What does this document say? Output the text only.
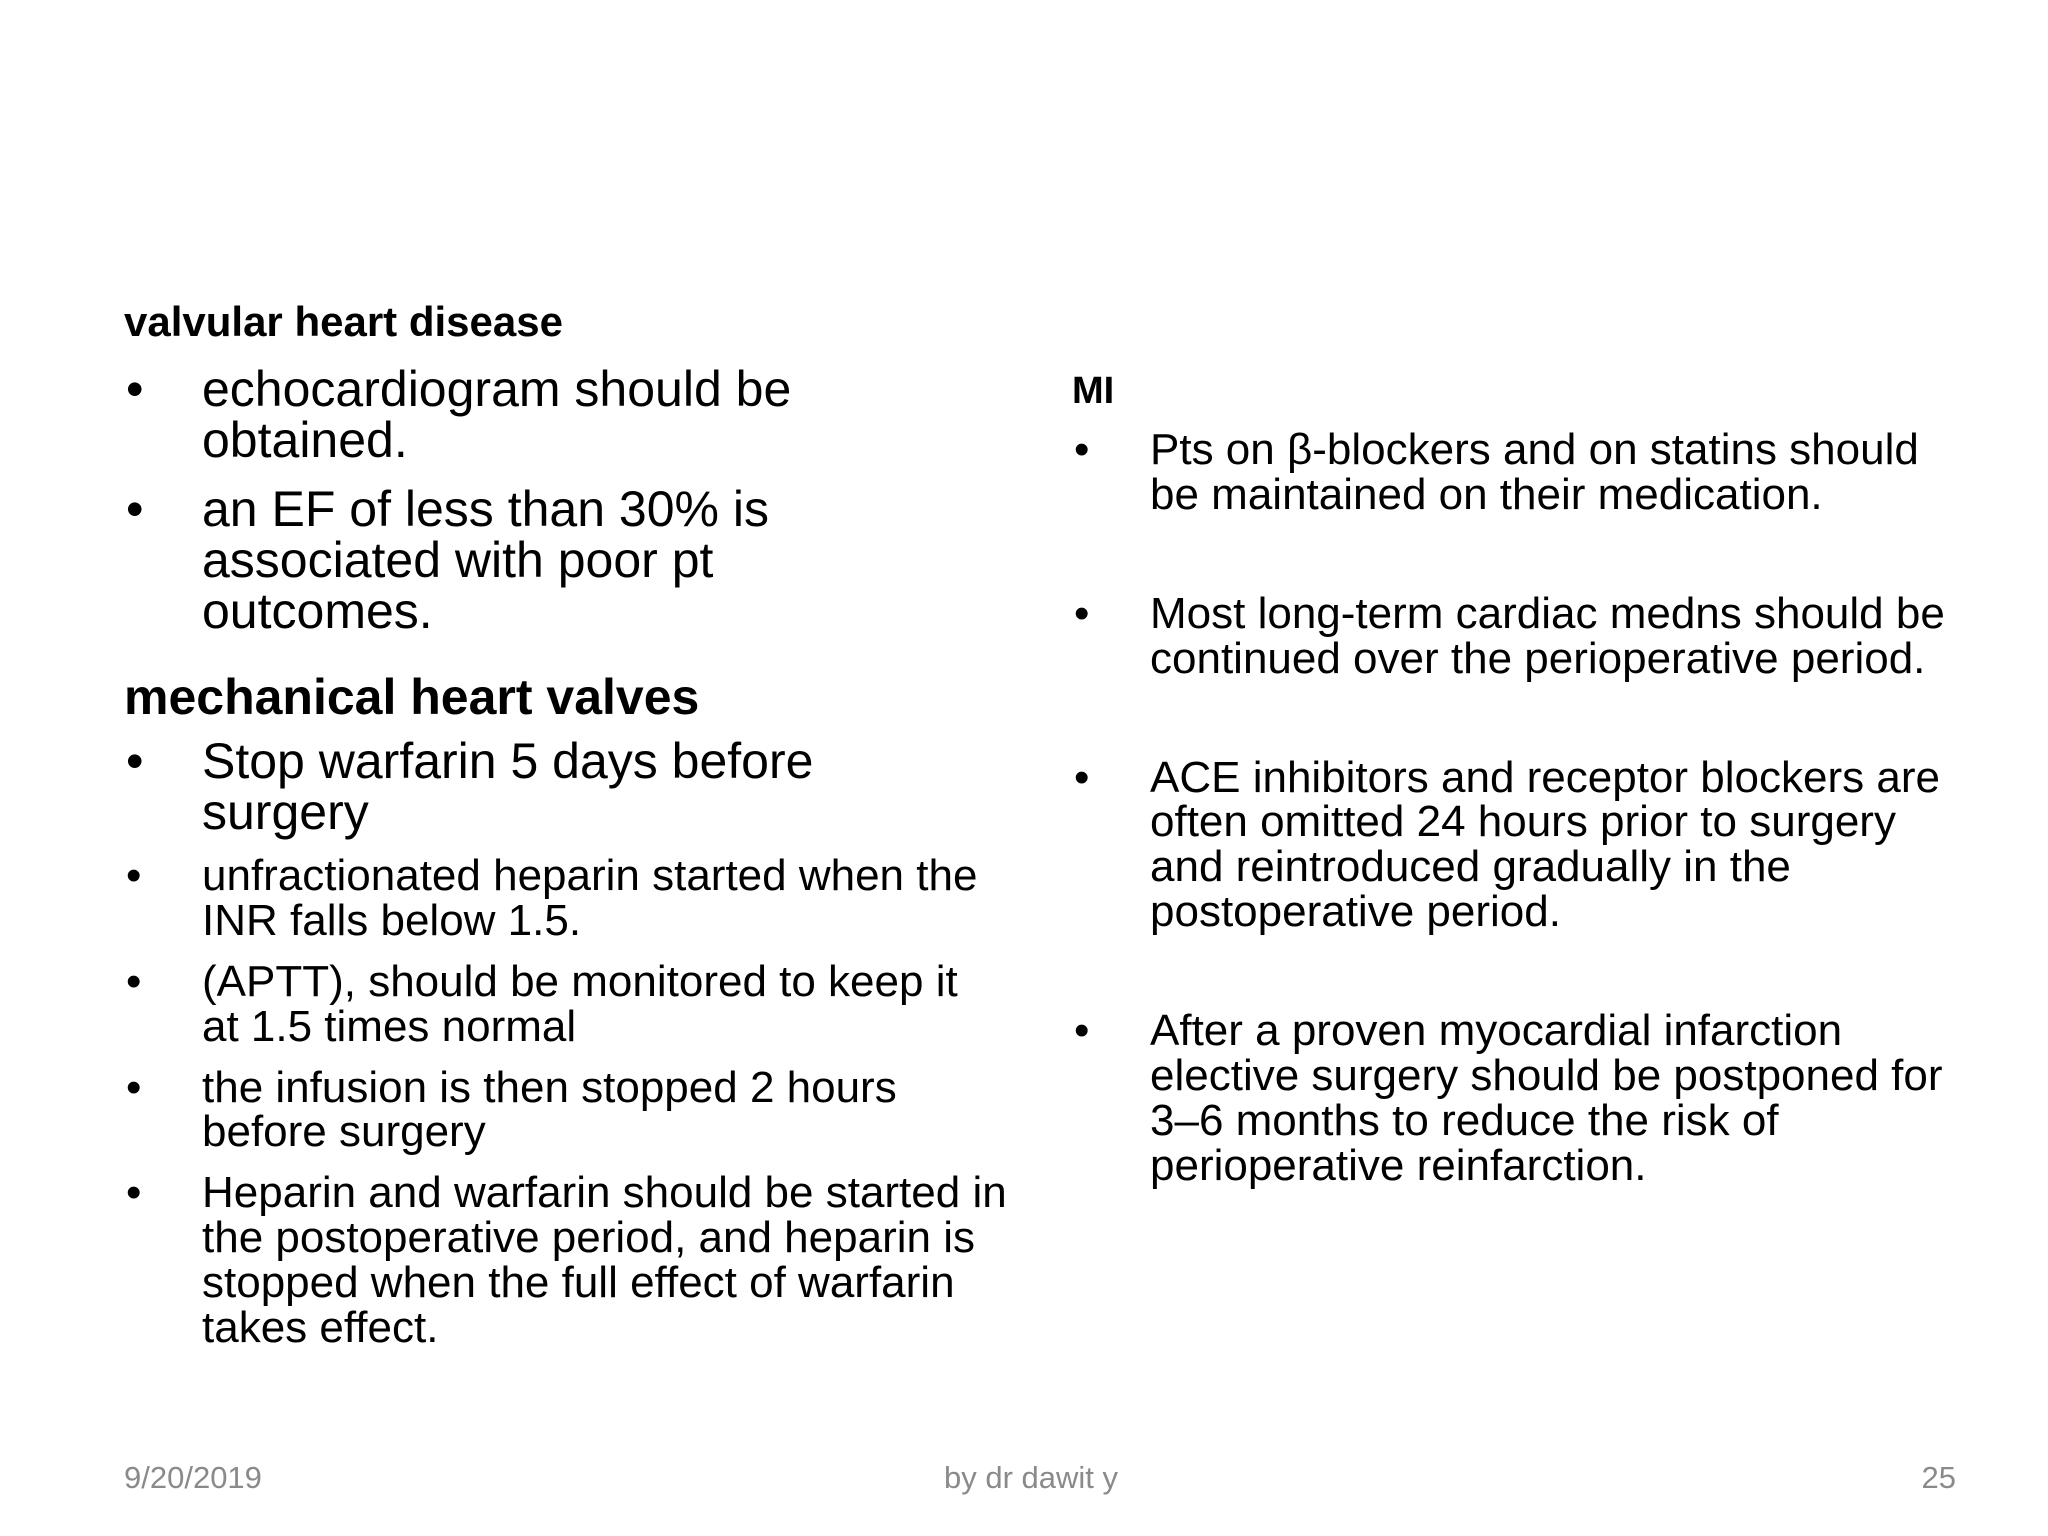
valvular heart disease
• echocardiogram should be obtained.
• an EF of less than 30% is associated with poor pt outcomes.
mechanical heart valves
• Stop warfarin 5 days before surgery
• unfractionated heparin started when the INR falls below 1.5.
• (APTT), should be monitored to keep it at 1.5 times normal
• the infusion is then stopped 2 hours before surgery
• Heparin and warfarin should be started in the postoperative period, and heparin is stopped when the full effect of warfarin takes effect.
MI
• Pts on β-blockers and on statins should be maintained on their medication.
• Most long-term cardiac medns should be continued over the perioperative period.
• ACE inhibitors and receptor blockers are often omitted 24 hours prior to surgery and reintroduced gradually in the postoperative period.
• After a proven myocardial infarction elective surgery should be postponed for 3–6 months to reduce the risk of perioperative reinfarction.
9/20/2019	by dr dawit y	25
